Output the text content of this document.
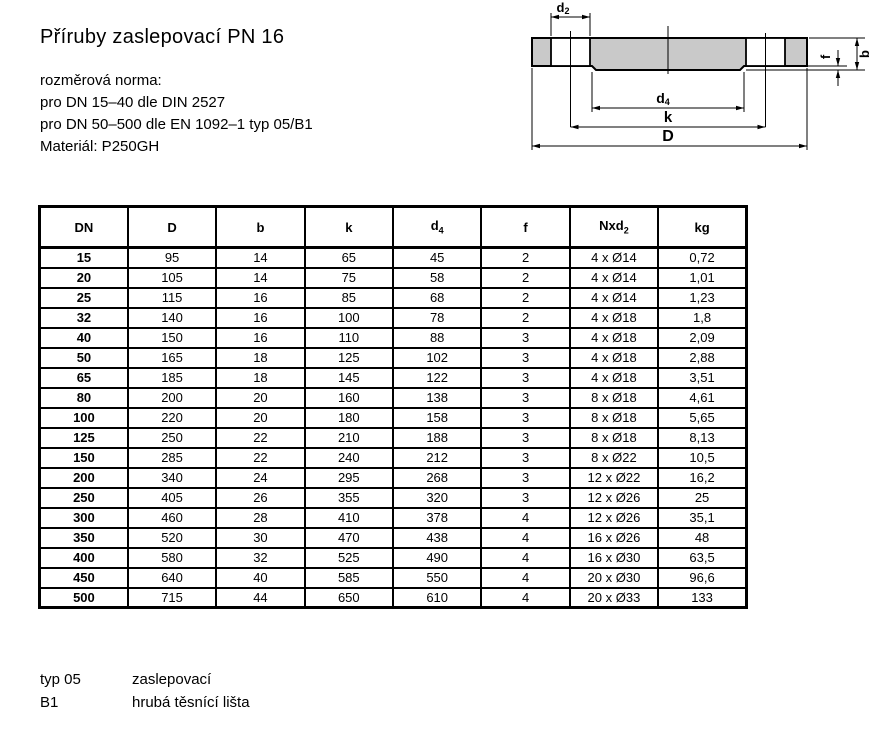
Příruby zaslepovací PN 16
rozměrová norma:
pro DN 15–40 dle DIN 2527
pro DN 50–500 dle EN 1092–1 typ 05/B1
Materiál: P250GH
d2
d4
k
D
f b
DN	D	b	k	$d_4$	f	Nxd$_2$	kg
15	95	14	65	45	2	4 x Ø14	0,72
20	105	14	75	58	2	4 x Ø14	1,01
25	115	16	85	68	2	4 x Ø14	1,23
32	140	16	100	78	2	4 x Ø18	1,8
40	150	16	110	88	3	4 x Ø18	2,09
50	165	18	125	102	3	4 x Ø18	2,88
65	185	18	145	122	3	4 x Ø18	3,51
80	200	20	160	138	3	8 x Ø18	4,61
100	220	20	180	158	3	8 x Ø18	5,65
125	250	22	210	188	3	8 x Ø18	8,13
150	285	22	240	212	3	8 x Ø22	10,5
200	340	24	295	268	3	12 x Ø22	16,2
250	405	26	355	320	3	12 x Ø26	25
300	460	28	410	378	4	12 x Ø26	35,1
350	520	30	470	438	4	16 x Ø26	48
400	580	32	525	490	4	16 x Ø30	63,5
450	640	40	585	550	4	20 x Ø30	96,6
500	715	44	650	610	4	20 x Ø33	133
typ 05	zaslepovací
B1	hrubá těsnící lišta
